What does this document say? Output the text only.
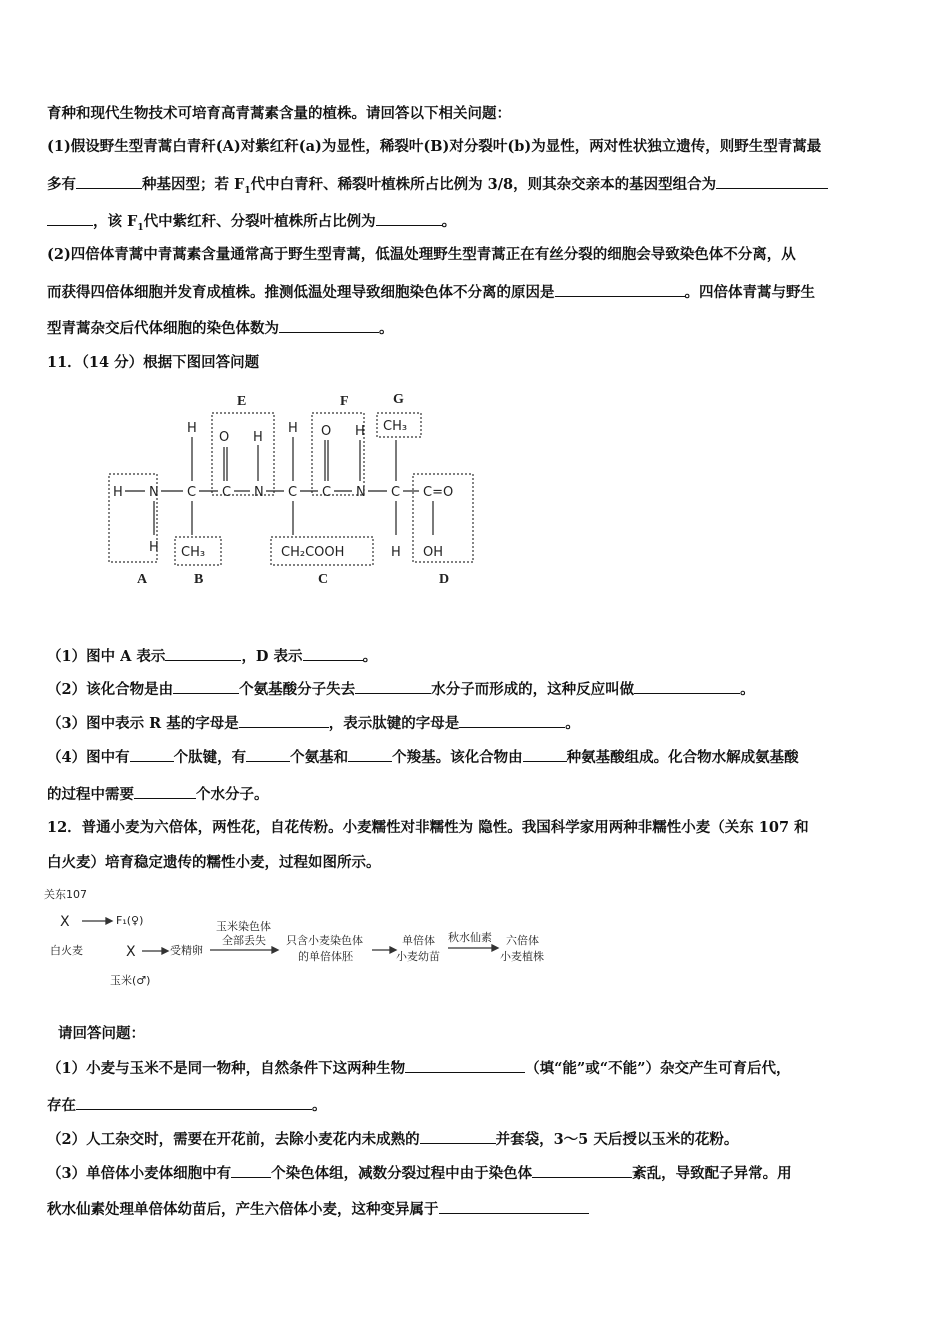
育种和现代生物技术可培育高青蒿素含量的植株。请回答以下相关问题：
(1)假设野生型青蒿白青秆(A)对紫红秆(a)为显性，稀裂叶(B)对分裂叶(b)为显性，两对性状独立遗传，则野生型青蒿最
多有	种基因型；若 $F_1$代中白青秆、稀裂叶植株所占比例为 3/8，则其杂交亲本的基因型组合为
，该 $F_1$代中紫红秆、分裂叶植株所占比例为	。
(2)四倍体青蒿中青蒿素含量通常高于野生型青蒿，低温处理野生型青蒿正在有丝分裂的细胞会导致染色体不分离，从
而获得四倍体细胞并发育成植株。推测低温处理导致细胞染色体不分离的原因是	。四倍体青蒿与野生
型青蒿杂交后代体细胞的染色体数为	。
11．（14 分）根据下图回答问题
E	F	G
A	B	C	D
H N C C N C C N C C=O
H
O H
H O H CH₃
H CH₃	CH₂COOH	H OH
（1）图中 A 表示	，D 表示	。
（2）该化合物是由	个氨基酸分子失去	水分子而形成的，这种反应叫做	。
（3）图中表示 R 基的字母是	，表示肽键的字母是	。
（4）图中有	个肽键，有	个氨基和	个羧基。该化合物由	种氨基酸组成。化合物水解成氨基酸
的过程中需要	个水分子。
12．普通小麦为六倍体，两性花，自花传粉。小麦糯性对非糯性为 隐性。我国科学家用两种非糯性小麦（关东 107 和
白火麦）培育稳定遗传的糯性小麦，过程如图所示。
关东107
X	F₁(♀)
白火麦	X	受精卵
玉米(♂)
玉米染色体
全部丢失 只含小麦染色体
的单倍体胚
单倍体
小麦幼苗
秋水仙素 六倍体
小麦植株
请回答问题：
（1）小麦与玉米不是同一物种，自然条件下这两种生物	（填“能”或“不能”）杂交产生可育后代，
存在	。
（2）人工杂交时，需要在开花前，去除小麦花内未成熟的	并套袋，3～5 天后授以玉米的花粉。
（3）单倍体小麦体细胞中有	个染色体组，减数分裂过程中由于染色体	紊乱，导致配子异常。用
秋水仙素处理单倍体幼苗后，产生六倍体小麦，这种变异属于
